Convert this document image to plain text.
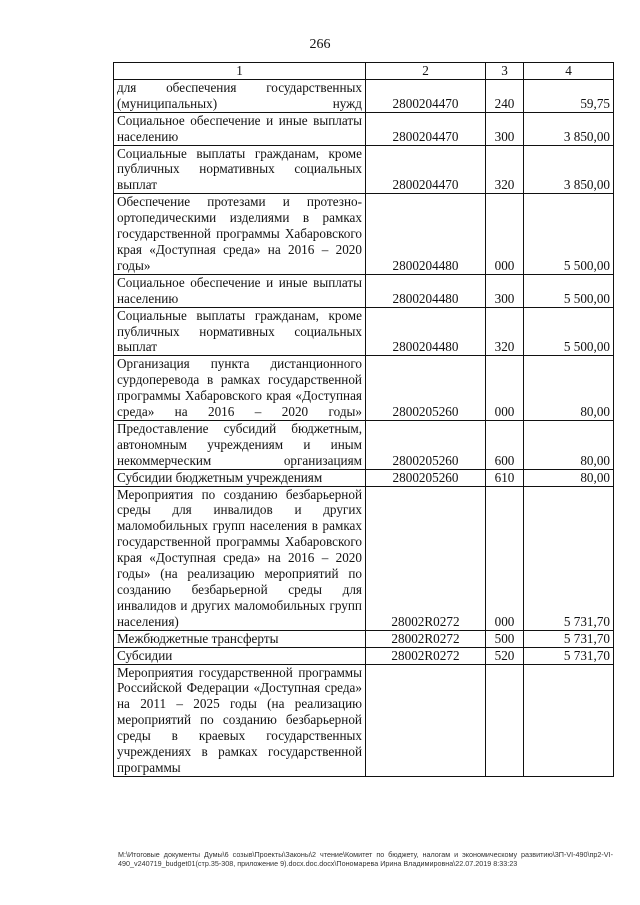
266
1	2	3	4
для обеспечения государственных (муниципальных) нужд	2800204470	240	59,75
Социальное обеспечение и иные выплаты населению	2800204470	300	3 850,00
Социальные выплаты гражданам, кроме публичных нормативных социальных выплат	2800204470	320	3 850,00
Обеспечение протезами и протезно-ортопедическими изделиями в рамках государственной программы Хабаровского края «Доступная среда» на 2016 – 2020 годы»	2800204480	000	5 500,00
Социальное обеспечение и иные выплаты населению	2800204480	300	5 500,00
Социальные выплаты гражданам, кроме публичных нормативных социальных выплат	2800204480	320	5 500,00
Организация пункта дистанционного сурдоперевода в рамках государственной программы Хабаровского края «Доступная среда» на 2016 – 2020 годы»	2800205260	000	80,00
Предоставление субсидий бюджетным, автономным учреждениям и иным некоммерческим организациям	2800205260	600	80,00
Субсидии бюджетным учреждениям	2800205260	610	80,00
Мероприятия по созданию безбарьерной среды для инвалидов и других маломобильных групп населения в рамках государственной программы Хабаровского края «Доступная среда» на 2016 – 2020 годы» (на реализацию мероприятий по созданию безбарьерной среды для инвалидов и других маломобильных групп населения)	28002R0272	000	5 731,70
Межбюджетные трансферты	28002R0272	500	5 731,70
Субсидии	28002R0272	520	5 731,70
Мероприятия государственной программы Российской Федерации «Доступная среда» на 2011 – 2025 годы (на реализацию мероприятий по созданию безбарьерной среды в краевых государственных учреждениях в рамках государственной программы			
M:\Итоговые документы Думы\6 созыв\Проекты\Законы\2 чтение\Комитет по бюджету, налогам и экономическому развитию\3П-VI-490\пр2-VI-490_v240719_budget01(стр.35-308, приложение 9).docx.doc.docx\Пономарева Ирина Владимировна\22.07.2019 8:33:23
